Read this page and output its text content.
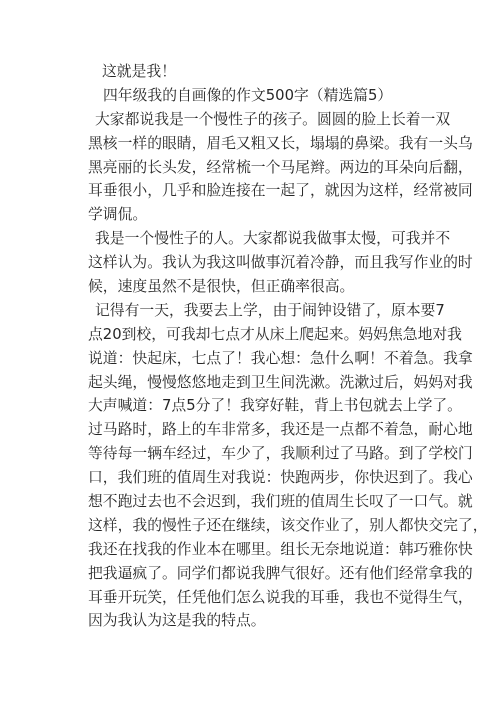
这就是我！
四年级我的自画像的作文500字（精选篇5）
大家都说我是一个慢性子的孩子。圆圆的脸上长着一双
黑核一样的眼睛，眉毛又粗又长，塌塌的鼻梁。我有一头乌
黑亮丽的长头发，经常梳一个马尾辫。两边的耳朵向后翻，
耳垂很小，几乎和脸连接在一起了，就因为这样，经常被同
学调侃。
我是一个慢性子的人。大家都说我做事太慢，可我并不
这样认为。我认为我这叫做事沉着冷静，而且我写作业的时
候，速度虽然不是很快，但正确率很高。
记得有一天，我要去上学，由于闹钟设错了，原本要7
点20到校，可我却七点才从床上爬起来。妈妈焦急地对我
说道：快起床，七点了！我心想：急什么啊！不着急。我拿
起头绳，慢慢悠悠地走到卫生间洗漱。洗漱过后，妈妈对我
大声喊道：7点5分了！我穿好鞋，背上书包就去上学了。
过马路时，路上的车非常多，我还是一点都不着急，耐心地
等待每一辆车经过，车少了，我顺利过了马路。到了学校门
口，我们班的值周生对我说：快跑两步，你快迟到了。我心
想不跑过去也不会迟到，我们班的值周生长叹了一口气。就
这样，我的慢性子还在继续，该交作业了，别人都快交完了，
我还在找我的作业本在哪里。组长无奈地说道：韩巧雅你快
把我逼疯了。同学们都说我脾气很好。还有他们经常拿我的
耳垂开玩笑，任凭他们怎么说我的耳垂，我也不觉得生气，
因为我认为这是我的特点。
